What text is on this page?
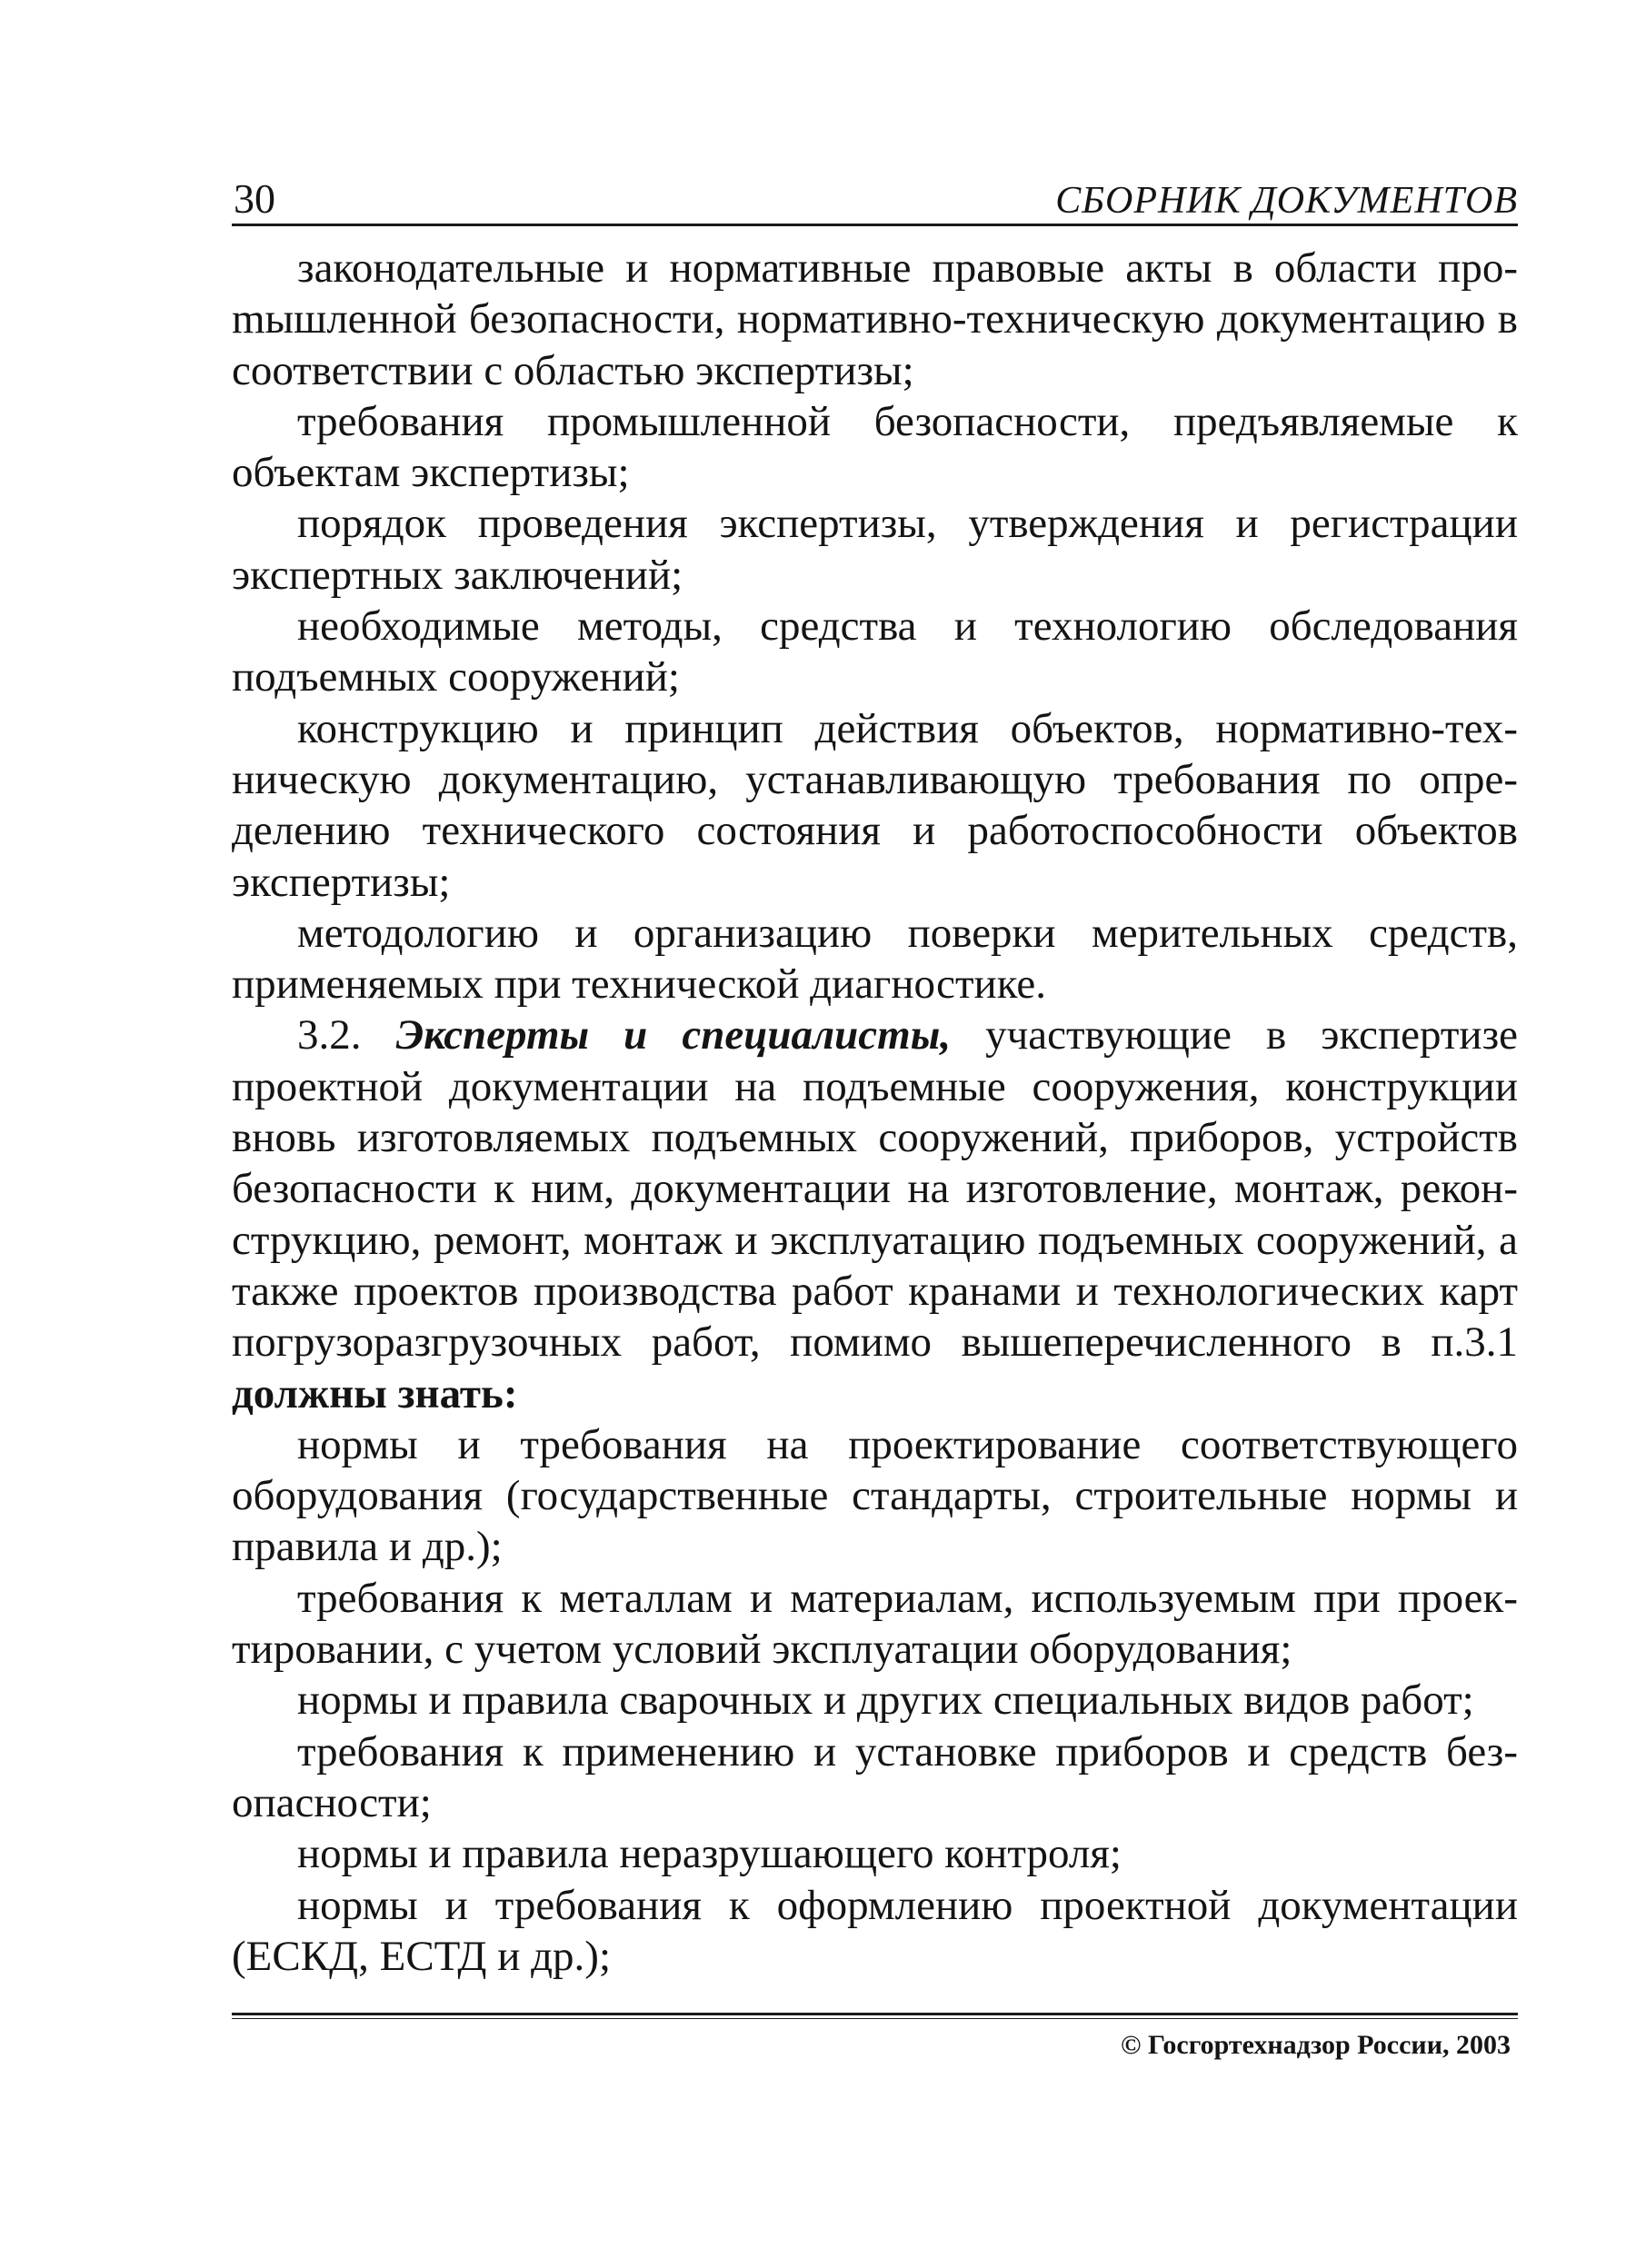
30	СБОРНИК ДОКУМЕНТОВ

законодательные и нормативные правовые акты в области проmышленной безопасности, нормативно-техническую документацию в соответствии с областью экспертизы;

требования промышленной безопасности, предъявляемые к объектам экспертизы;

порядок проведения экспертизы, утверждения и регистрации экспертных заключений;

необходимые методы, средства и технологию обследования подъемных сооружений;

конструкцию и принцип действия объектов, нормативно-техническую документацию, устанавливающую требования по определению технического состояния и работоспособности объектов экспертизы;

методологию и организацию поверки мерительных средств, применяемых при технической диагностике.

3.2. Эксперты и специалисты, участвующие в экспертизе проектной документации на подъемные сооружения, конструкции вновь изготовляемых подъемных сооружений, приборов, устройств безопасности к ним, документации на изготовление, монтаж, реконструкцию, ремонт, монтаж и эксплуатацию подъемных сооружений, а также проектов производства работ кранами и технологических карт погрузоразгрузочных работ, помимо вышеперечисленного в п.3.1 должны знать:

нормы и требования на проектирование соответствующего оборудования (государственные стандарты, строительные нормы и правила и др.);

требования к металлам и материалам, используемым при проектировании, с учетом условий эксплуатации оборудования;

нормы и правила сварочных и других специальных видов работ;

требования к применению и установке приборов и средств безопасности;

нормы и правила неразрушающего контроля;

нормы и требования к оформлению проектной документации (ЕСКД, ЕСТД и др.);

© Госгортехнадзор России, 2003
